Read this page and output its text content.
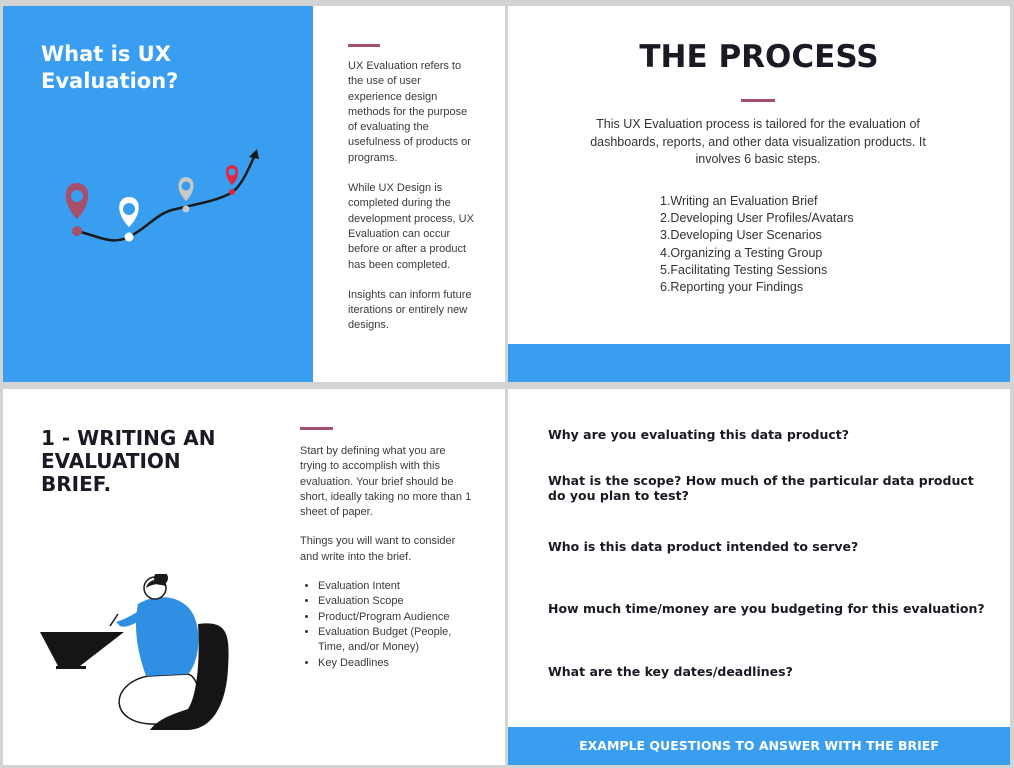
What is UX Evaluation?

UX Evaluation refers to the use of user experience design methods for the purpose of evaluating the usefulness of products or programs.

While UX Design is completed during the development process, UX Evaluation can occur before or after a product has been completed.

Insights can inform future iterations or entirely new designs.

THE PROCESS
This UX Evaluation process is tailored for the evaluation of dashboards, reports, and other data visualization products. It involves 6 basic steps.
1.Writing an Evaluation Brief
2.Developing User Profiles/Avatars
3.Developing User Scenarios
4.Organizing a Testing Group
5.Facilitating Testing Sessions
6.Reporting your Findings
1 - WRITING AN EVALUATION BRIEF.

Start by defining what you are trying to accomplish with this evaluation. Your brief should be short, ideally taking no more than 1 sheet of paper.

Things you will want to consider and write into the brief.

• Evaluation Intent
• Evaluation Scope
• Product/Program Audience
• Evaluation Budget (People, Time, and/or Money)
• Key Deadlines
Why are you evaluating this data product?
What is the scope? How much of the particular data product do you plan to test?
Who is this data product intended to serve?
How much time/money are you budgeting for this evaluation?
What are the key dates/deadlines?
EXAMPLE QUESTIONS TO ANSWER WITH THE BRIEF
